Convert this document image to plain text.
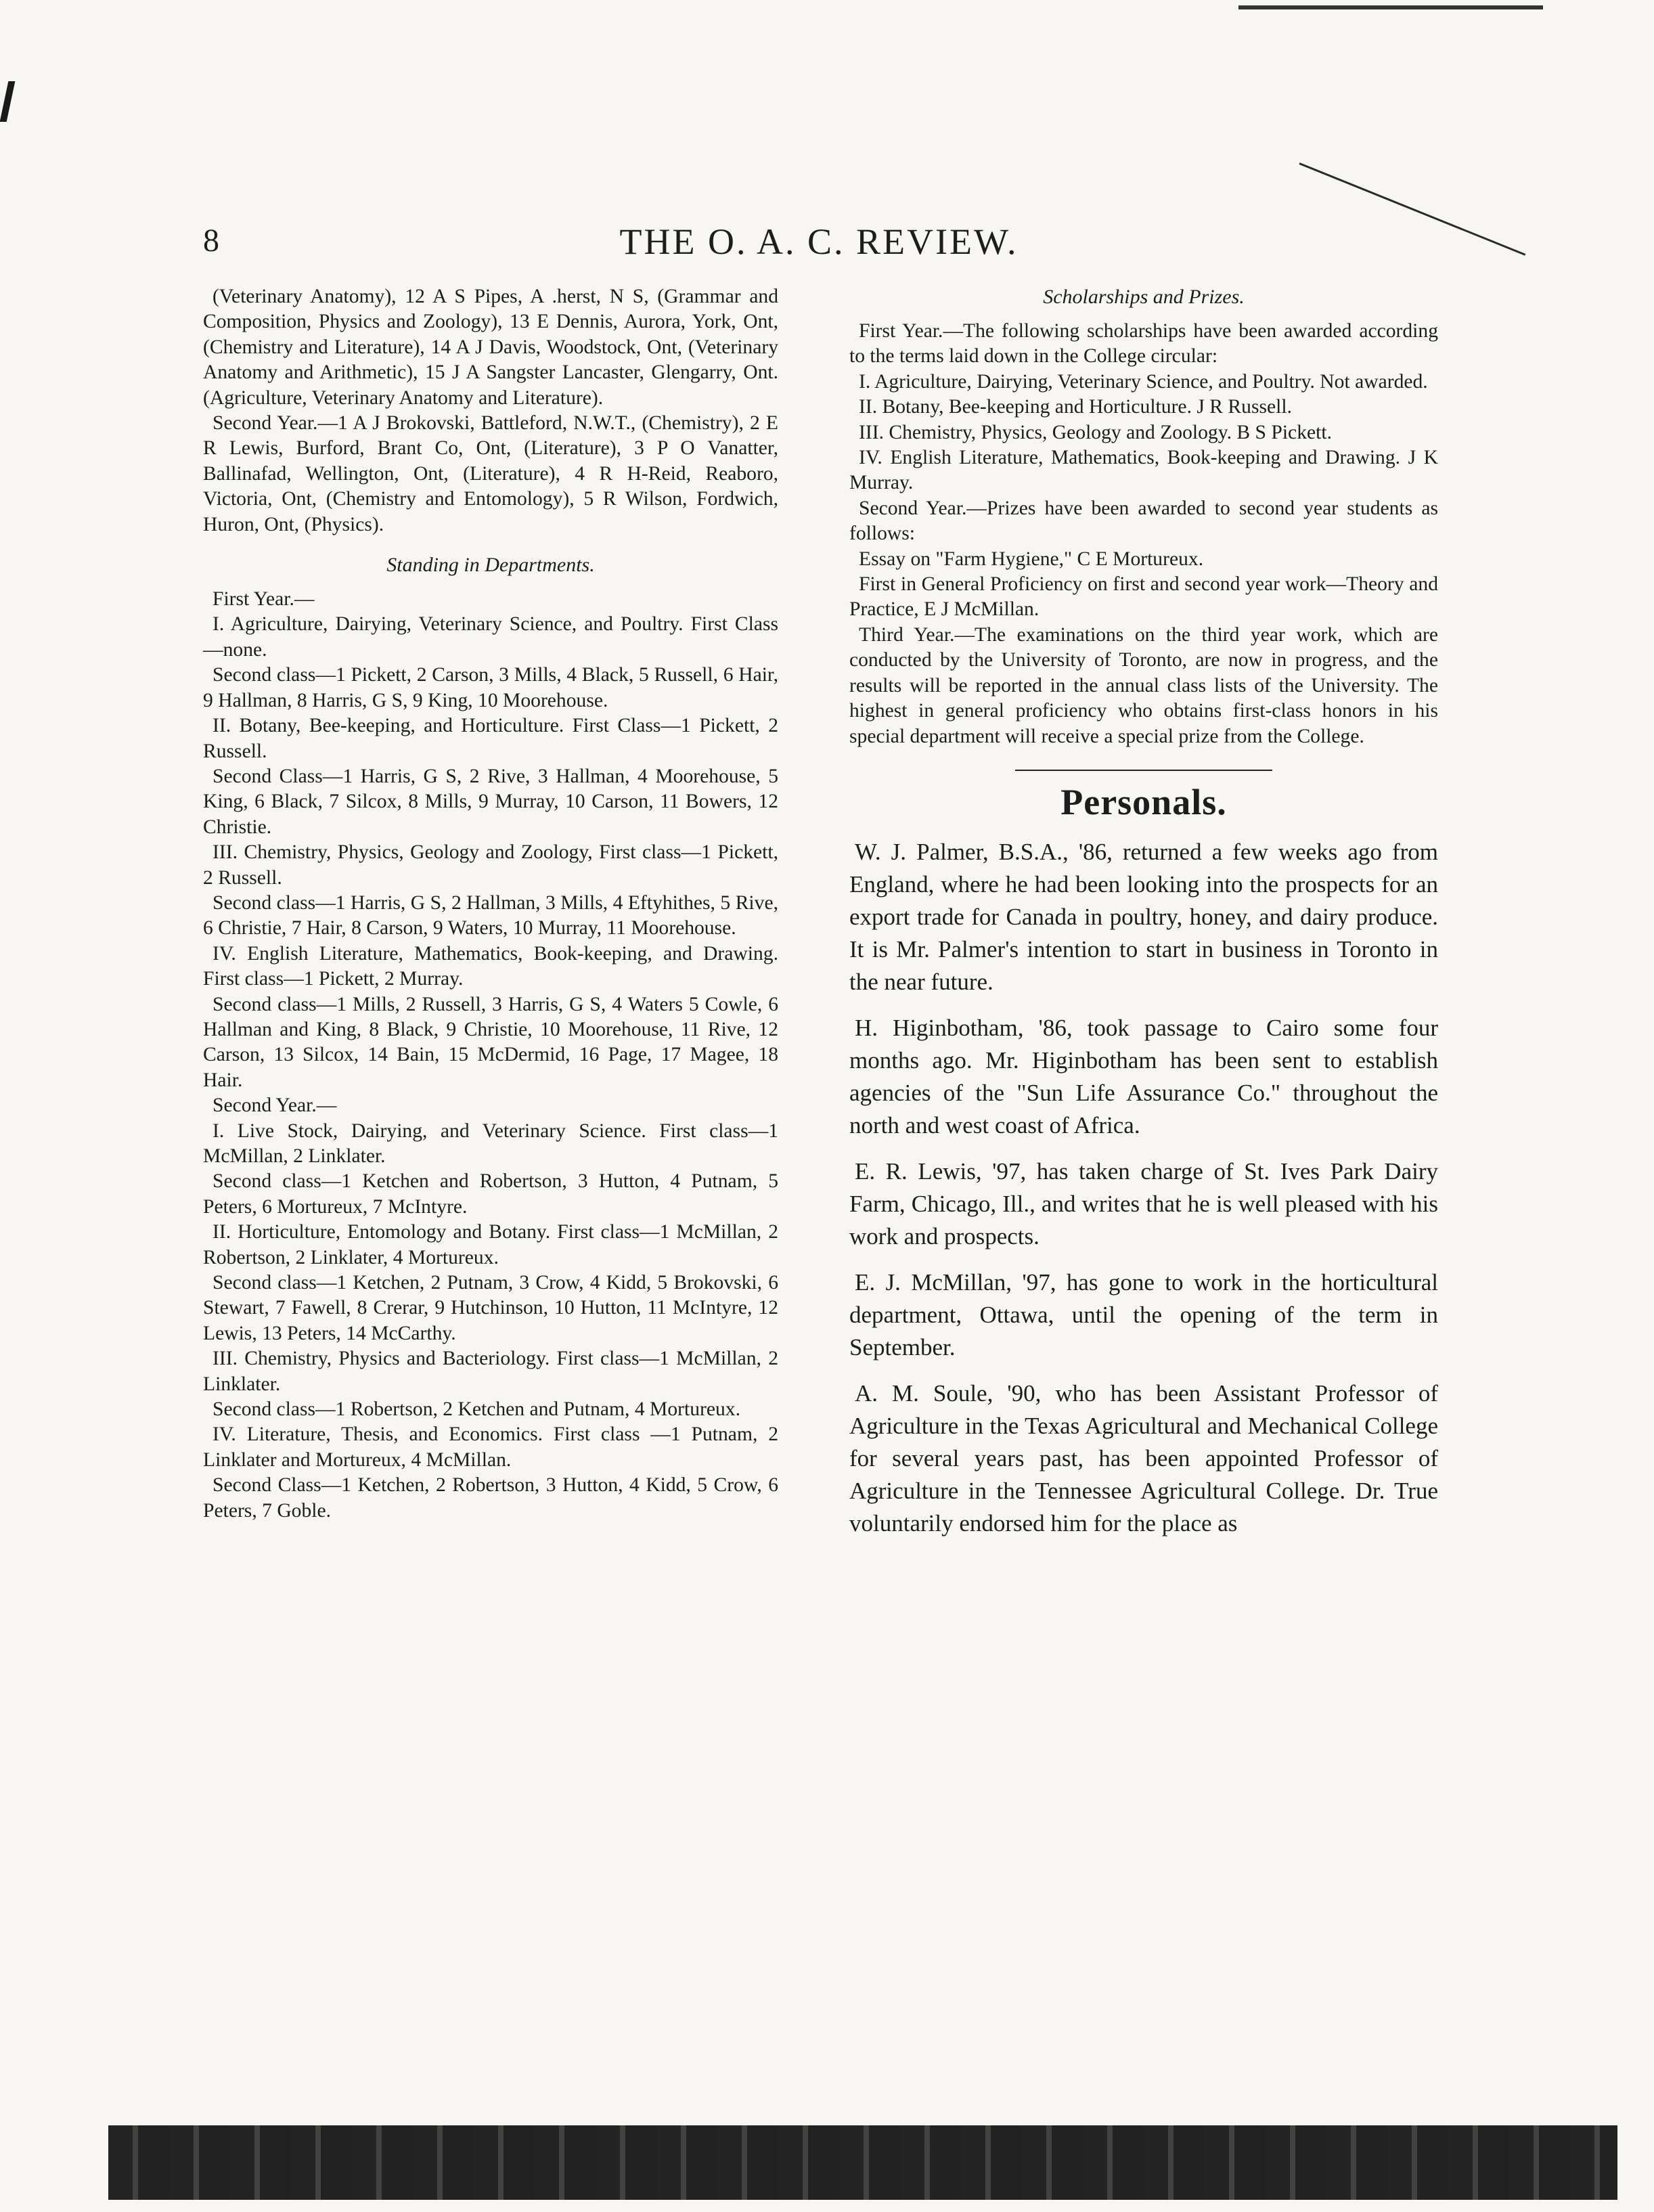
8	THE O. A. C. REVIEW.

(Veterinary Anatomy), 12 A S Pipes, A .herst, N S, (Grammar and Composition, Physics and Zoology), 13 E Dennis, Aurora, York, Ont, (Chemistry and Literature), 14 A J Davis, Woodstock, Ont, (Veterinary Anatomy and Arithmetic), 15 J A Sangster Lancaster, Glengarry, Ont. (Agriculture, Veterinary Anatomy and Literature).

Second Year.—1 A J Brokovski, Battleford, N.W.T., (Chemistry), 2 E R Lewis, Burford, Brant Co, Ont, (Literature), 3 P O Vanatter, Ballinafad, Wellington, Ont, (Literature), 4 R H-Reid, Reaboro, Victoria, Ont, (Chemistry and Entomology), 5 R Wilson, Fordwich, Huron, Ont, (Physics).

Standing in Departments.

First Year.—

I. Agriculture, Dairying, Veterinary Science, and Poultry. First Class—none.

Second class—1 Pickett, 2 Carson, 3 Mills, 4 Black, 5 Russell, 6 Hair, 9 Hallman, 8 Harris, G S, 9 King, 10 Moorehouse.

II. Botany, Bee-keeping, and Horticulture. First Class—1 Pickett, 2 Russell.

Second Class—1 Harris, G S, 2 Rive, 3 Hallman, 4 Moorehouse, 5 King, 6 Black, 7 Silcox, 8 Mills, 9 Murray, 10 Carson, 11 Bowers, 12 Christie.

III. Chemistry, Physics, Geology and Zoology, First class—1 Pickett, 2 Russell.

Second class—1 Harris, G S, 2 Hallman, 3 Mills, 4 Eftyhithes, 5 Rive, 6 Christie, 7 Hair, 8 Carson, 9 Waters, 10 Murray, 11 Moorehouse.

IV. English Literature, Mathematics, Book-keeping, and Drawing. First class—1 Pickett, 2 Murray.

Second class—1 Mills, 2 Russell, 3 Harris, G S, 4 Waters 5 Cowle, 6 Hallman and King, 8 Black, 9 Christie, 10 Moorehouse, 11 Rive, 12 Carson, 13 Silcox, 14 Bain, 15 McDermid, 16 Page, 17 Magee, 18 Hair.

Second Year.—

I. Live Stock, Dairying, and Veterinary Science. First class—1 McMillan, 2 Linklater.

Second class—1 Ketchen and Robertson, 3 Hutton, 4 Putnam, 5 Peters, 6 Mortureux, 7 McIntyre.

II. Horticulture, Entomology and Botany. First class—1 McMillan, 2 Robertson, 2 Linklater, 4 Mortureux.

Second class—1 Ketchen, 2 Putnam, 3 Crow, 4 Kidd, 5 Brokovski, 6 Stewart, 7 Fawell, 8 Crerar, 9 Hutchinson, 10 Hutton, 11 McIntyre, 12 Lewis, 13 Peters, 14 McCarthy.

III. Chemistry, Physics and Bacteriology. First class—1 McMillan, 2 Linklater.

Second class—1 Robertson, 2 Ketchen and Putnam, 4 Mortureux.

IV. Literature, Thesis, and Economics. First class —1 Putnam, 2 Linklater and Mortureux, 4 McMillan.

Second Class—1 Ketchen, 2 Robertson, 3 Hutton, 4 Kidd, 5 Crow, 6 Peters, 7 Goble.

Scholarships and Prizes.

First Year.—The following scholarships have been awarded according to the terms laid down in the College circular:

I. Agriculture, Dairying, Veterinary Science, and Poultry. Not awarded.

II. Botany, Bee-keeping and Horticulture. J R Russell.

III. Chemistry, Physics, Geology and Zoology. B S Pickett.

IV. English Literature, Mathematics, Book-keeping and Drawing. J K Murray.

Second Year.—Prizes have been awarded to second year students as follows:

Essay on "Farm Hygiene," C E Mortureux.

First in General Proficiency on first and second year work—Theory and Practice, E J McMillan.

Third Year.—The examinations on the third year work, which are conducted by the University of Toronto, are now in progress, and the results will be reported in the annual class lists of the University. The highest in general proficiency who obtains first-class honors in his special department will receive a special prize from the College.

Personals.

W. J. Palmer, B.S.A., '86, returned a few weeks ago from England, where he had been looking into the prospects for an export trade for Canada in poultry, honey, and dairy produce. It is Mr. Palmer's intention to start in business in Toronto in the near future.

H. Higinbotham, '86, took passage to Cairo some four months ago. Mr. Higinbotham has been sent to establish agencies of the "Sun Life Assurance Co." throughout the north and west coast of Africa.

E. R. Lewis, '97, has taken charge of St. Ives Park Dairy Farm, Chicago, Ill., and writes that he is well pleased with his work and prospects.

E. J. McMillan, '97, has gone to work in the horticultural department, Ottawa, until the opening of the term in September.

A. M. Soule, '90, who has been Assistant Professor of Agriculture in the Texas Agricultural and Mechanical College for several years past, has been appointed Professor of Agriculture in the Tennessee Agricultural College. Dr. True voluntarily endorsed him for the place as
